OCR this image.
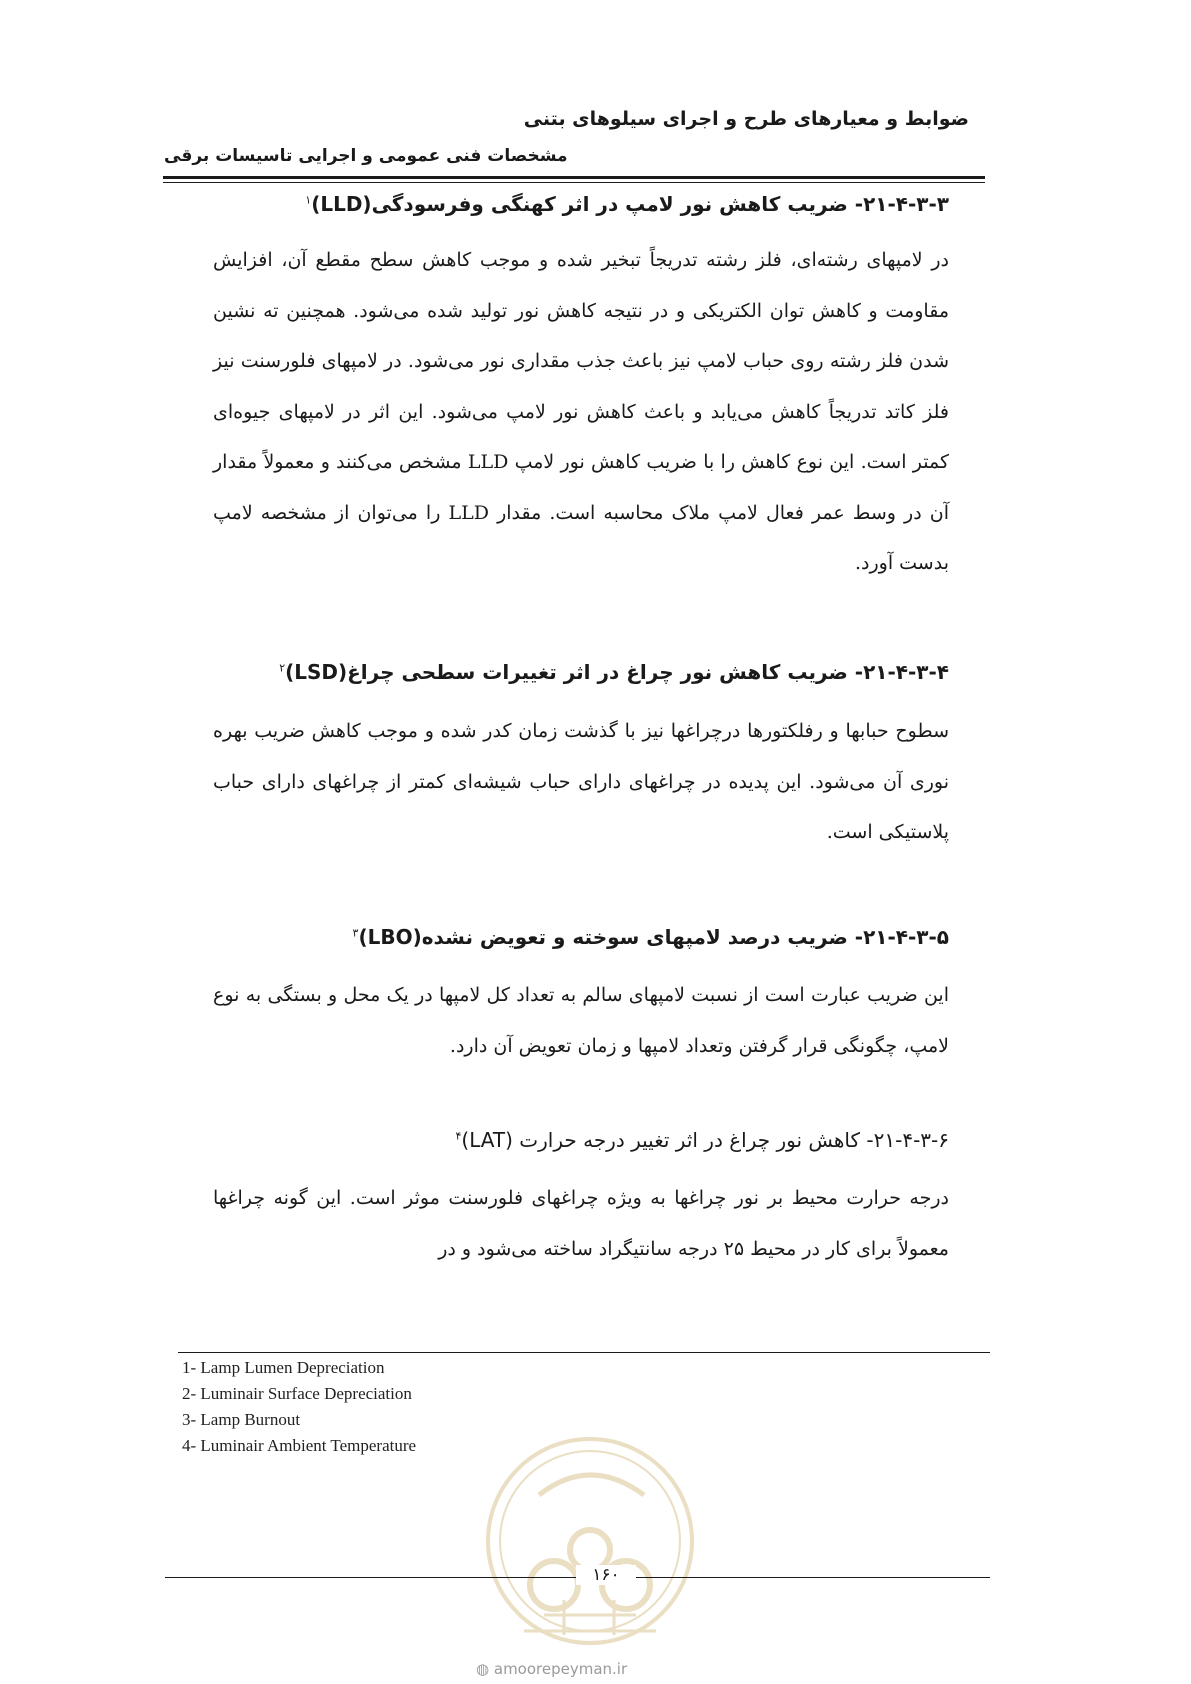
ضوابط و معیارهای طرح و اجرای سیلوهای بتنی
مشخصات فنی عمومی و اجرایی تاسیسات برقی
۲۱-۴-۳-۳- ضریب کاهش نور لامپ در اثر کهنگی وفرسودگی(LLD)$^۱$
در لامپهای رشته‌ای، فلز رشته تدریجاً تبخیر شده و موجب کاهش سطح مقطع آن، افزایش مقاومت و کاهش توان الکتریکی و در نتیجه کاهش نور تولید شده می‌شود. همچنین ته نشین شدن فلز رشته روی حباب لامپ نیز باعث جذب مقداری نور می‌شود. در لامپهای فلورسنت نیز فلز کاتد تدریجاً کاهش می‌یابد و باعث کاهش نور لامپ می‌شود. این اثر در لامپهای جیوه‌ای کمتر است. این نوع کاهش را با ضریب کاهش نور لامپ LLD مشخص می‌کنند و معمولاً مقدار آن در وسط عمر فعال لامپ ملاک محاسبه است. مقدار LLD را می‌توان از مشخصه لامپ بدست آورد.
۲۱-۴-۳-۴- ضریب کاهش نور چراغ در اثر تغییرات سطحی چراغ(LSD)$^۲$
سطوح حبابها و رفلکتورها درچراغها نیز با گذشت زمان کدر شده و موجب کاهش ضریب بهره نوری آن می‌شود. این پدیده در چراغهای دارای حباب شیشه‌ای کمتر از چراغهای دارای حباب پلاستیکی است.
۲۱-۴-۳-۵- ضریب درصد لامپهای سوخته و تعویض نشده(LBO)$^۳$
این ضریب عبارت است از نسبت لامپهای سالم به تعداد کل لامپها در یک محل و بستگی به نوع لامپ، چگونگی قرار گرفتن وتعداد لامپها و زمان تعویض آن دارد.
۲۱-۴-۳-۶- کاهش نور چراغ در اثر تغییر درجه حرارت (LAT)$^۴$
درجه حرارت محیط بر نور چراغها به ویژه چراغهای فلورسنت موثر است. این گونه چراغها معمولاً برای کار در محیط ۲۵ درجه سانتیگراد ساخته می‌شود و در
1- Lamp Lumen Depreciation
2- Luminair Surface Depreciation
3- Lamp Burnout
4- Luminair Ambient Temperature
۱۶۰
◍ amoorepeyman.ir
